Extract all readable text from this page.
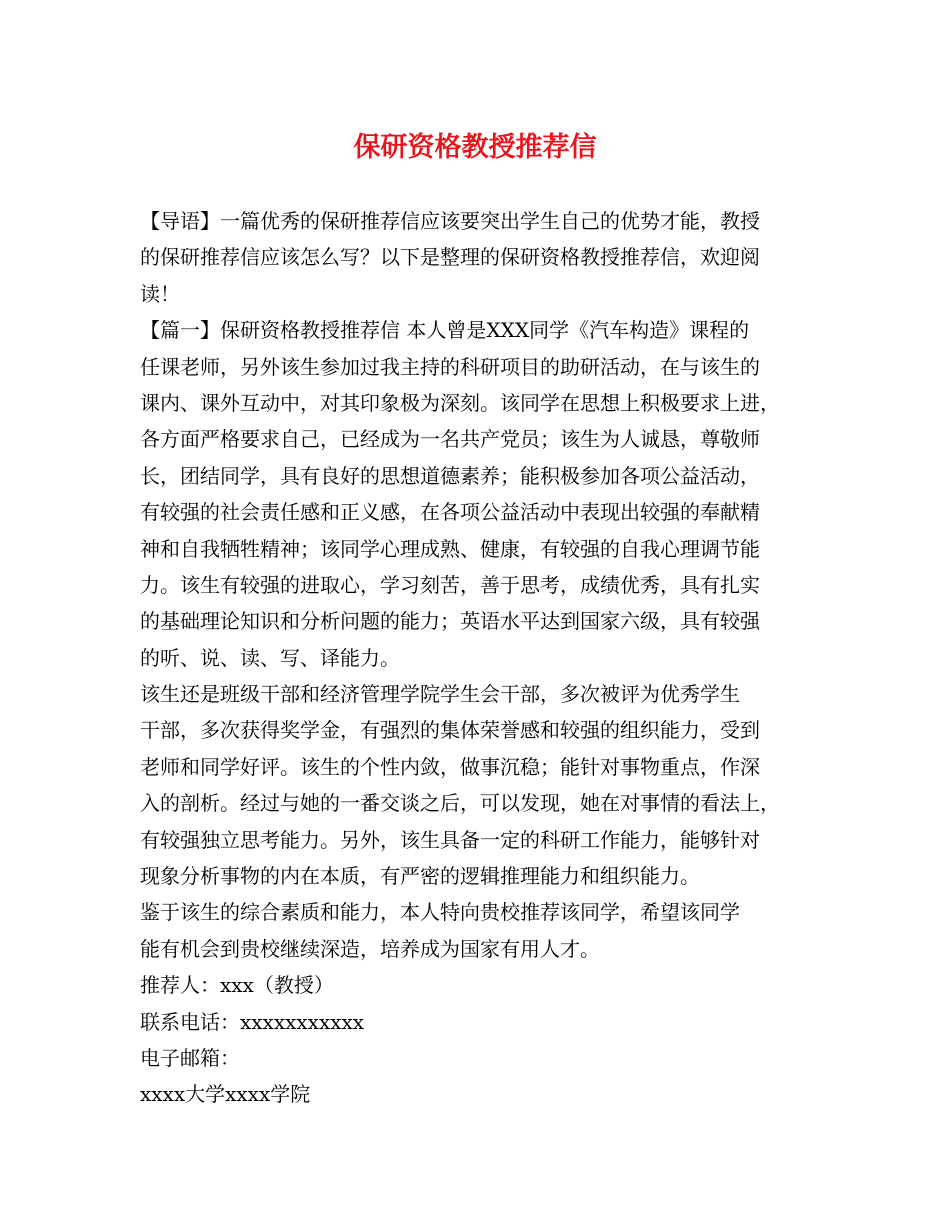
保研资格教授推荐信
【导语】一篇优秀的保研推荐信应该要突出学生自己的优势才能，教授
的保研推荐信应该怎么写？以下是整理的保研资格教授推荐信，欢迎阅
读！
【篇一】保研资格教授推荐信 本人曾是XXX同学《汽车构造》课程的
任课老师，另外该生参加过我主持的科研项目的助研活动，在与该生的
课内、课外互动中，对其印象极为深刻。该同学在思想上积极要求上进，
各方面严格要求自己，已经成为一名共产党员；该生为人诚恳，尊敬师
长，团结同学，具有良好的思想道德素养；能积极参加各项公益活动，
有较强的社会责任感和正义感，在各项公益活动中表现出较强的奉献精
神和自我牺牲精神；该同学心理成熟、健康，有较强的自我心理调节能
力。该生有较强的进取心，学习刻苦，善于思考，成绩优秀，具有扎实
的基础理论知识和分析问题的能力；英语水平达到国家六级，具有较强
的听、说、读、写、译能力。
该生还是班级干部和经济管理学院学生会干部，多次被评为优秀学生
干部，多次获得奖学金，有强烈的集体荣誉感和较强的组织能力，受到
老师和同学好评。该生的个性内敛，做事沉稳；能针对事物重点，作深
入的剖析。经过与她的一番交谈之后，可以发现，她在对事情的看法上，
有较强独立思考能力。另外，该生具备一定的科研工作能力，能够针对
现象分析事物的内在本质，有严密的逻辑推理能力和组织能力。
鉴于该生的综合素质和能力，本人特向贵校推荐该同学，希望该同学
能有机会到贵校继续深造，培养成为国家有用人才。
推荐人：xxx（教授）
联系电话：xxxxxxxxxxx
电子邮箱：
xxxx大学xxxx学院
